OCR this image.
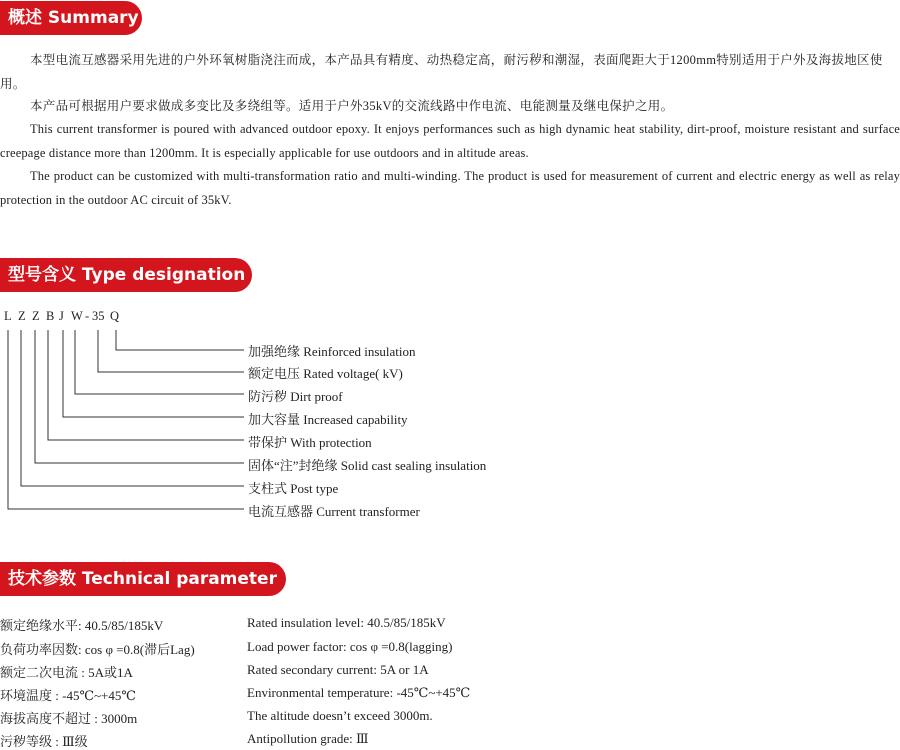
概述 Summary

本型电流互感器采用先进的户外环氧树脂浇注而成，本产品具有精度、动热稳定高，耐污秽和潮湿，表面爬距大于1200mm特别适用于户外及海拔地区使用。

本产品可根据用户要求做成多变比及多绕组等。适用于户外35kV的交流线路中作电流、电能测量及继电保护之用。

This current transformer is poured with advanced outdoor epoxy. It enjoys performances such as high dynamic heat stability, dirt-proof, moisture resistant and surface creepage distance more than 1200mm. It is especially applicable for use outdoors and in altitude areas.

The product can be customized with multi-transformation ratio and multi-winding. The product is used for measurement of current and electric energy as well as relay protection in the outdoor AC circuit of 35kV.

型号含义 Type designation
L Z Z B J W - 35 Q
加强绝缘 Reinforced insulation
额定电压 Rated voltage( kV)
防污秽 Dirt proof
加大容量 Increased capability
带保护 With protection
固体“注”封绝缘 Solid cast sealing insulation
支柱式 Post type
电流互感器 Current transformer
技术参数 Technical parameter
额定绝缘水平: 40.5/85/185kV
负荷功率因数: cos φ =0.8(滞后Lag)
额定二次电流 : 5A或1A
环境温度 : -45℃~+45℃
海拔高度不超过 : 3000m
污秽等级 : Ⅲ级
Rated insulation level: 40.5/85/185kV
Load power factor: cos φ =0.8(lagging)
Rated secondary current: 5A or 1A
Environmental temperature: -45℃~+45℃
The altitude doesn’t exceed 3000m.
Antipollution grade: Ⅲ
